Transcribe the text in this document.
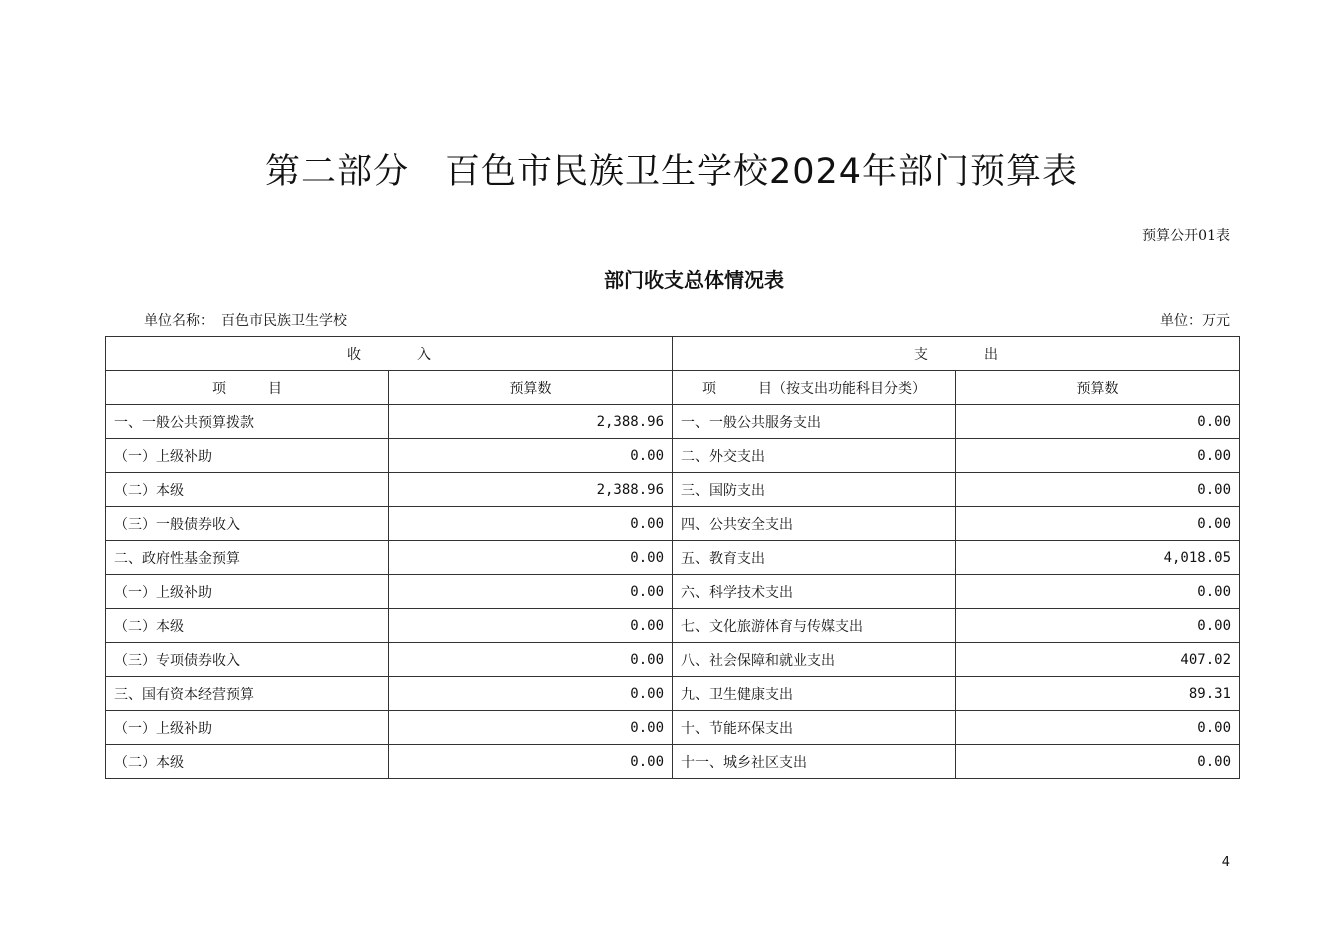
第二部分　百色市民族卫生学校2024年部门预算表
预算公开01表
部门收支总体情况表
单位名称：　百色市民族卫生学校	单位：万元
收　　　　入		支　　　　出	
项　　　目	预算数	项　　　目（按支出功能科目分类）	预算数
一、一般公共预算拨款	2,388.96	一、一般公共服务支出	0.00
（一）上级补助	0.00	二、外交支出	0.00
（二）本级	2,388.96	三、国防支出	0.00
（三）一般债券收入	0.00	四、公共安全支出	0.00
二、政府性基金预算	0.00	五、教育支出	4,018.05
（一）上级补助	0.00	六、科学技术支出	0.00
（二）本级	0.00	七、文化旅游体育与传媒支出	0.00
（三）专项债券收入	0.00	八、社会保障和就业支出	407.02
三、国有资本经营预算	0.00	九、卫生健康支出	89.31
（一）上级补助	0.00	十、节能环保支出	0.00
（二）本级	0.00	十一、城乡社区支出	0.00
4
